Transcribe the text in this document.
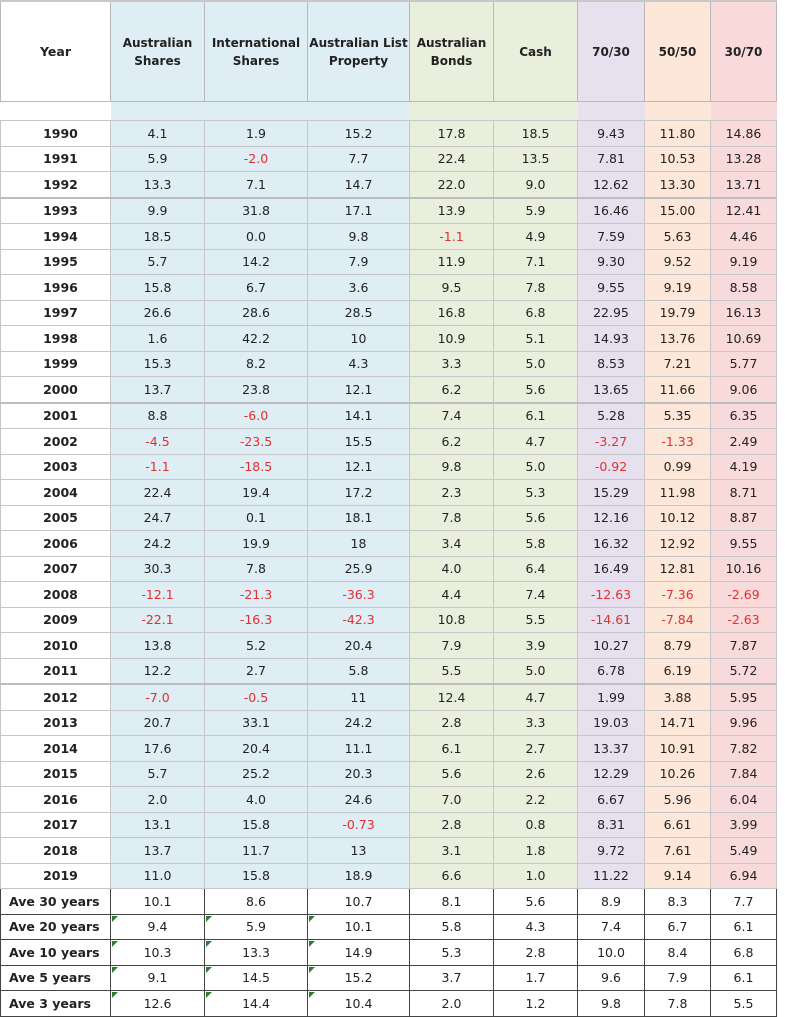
Year	Australian Shares	International Shares	Australian List Property	Australian Bonds	Cash	70/30	50/50	30/70

1990	4.1	1.9	15.2	17.8	18.5	9.43	11.80	14.86
1991	5.9	-2.0	7.7	22.4	13.5	7.81	10.53	13.28
1992	13.3	7.1	14.7	22.0	9.0	12.62	13.30	13.71
1993	9.9	31.8	17.1	13.9	5.9	16.46	15.00	12.41
1994	18.5	0.0	9.8	-1.1	4.9	7.59	5.63	4.46
1995	5.7	14.2	7.9	11.9	7.1	9.30	9.52	9.19
1996	15.8	6.7	3.6	9.5	7.8	9.55	9.19	8.58
1997	26.6	28.6	28.5	16.8	6.8	22.95	19.79	16.13
1998	1.6	42.2	10	10.9	5.1	14.93	13.76	10.69
1999	15.3	8.2	4.3	3.3	5.0	8.53	7.21	5.77
2000	13.7	23.8	12.1	6.2	5.6	13.65	11.66	9.06
2001	8.8	-6.0	14.1	7.4	6.1	5.28	5.35	6.35
2002	-4.5	-23.5	15.5	6.2	4.7	-3.27	-1.33	2.49
2003	-1.1	-18.5	12.1	9.8	5.0	-0.92	0.99	4.19
2004	22.4	19.4	17.2	2.3	5.3	15.29	11.98	8.71
2005	24.7	0.1	18.1	7.8	5.6	12.16	10.12	8.87
2006	24.2	19.9	18	3.4	5.8	16.32	12.92	9.55
2007	30.3	7.8	25.9	4.0	6.4	16.49	12.81	10.16
2008	-12.1	-21.3	-36.3	4.4	7.4	-12.63	-7.36	-2.69
2009	-22.1	-16.3	-42.3	10.8	5.5	-14.61	-7.84	-2.63
2010	13.8	5.2	20.4	7.9	3.9	10.27	8.79	7.87
2011	12.2	2.7	5.8	5.5	5.0	6.78	6.19	5.72
2012	-7.0	-0.5	11	12.4	4.7	1.99	3.88	5.95
2013	20.7	33.1	24.2	2.8	3.3	19.03	14.71	9.96
2014	17.6	20.4	11.1	6.1	2.7	13.37	10.91	7.82
2015	5.7	25.2	20.3	5.6	2.6	12.29	10.26	7.84
2016	2.0	4.0	24.6	7.0	2.2	6.67	5.96	6.04
2017	13.1	15.8	-0.73	2.8	0.8	8.31	6.61	3.99
2018	13.7	11.7	13	3.1	1.8	9.72	7.61	5.49
2019	11.0	15.8	18.9	6.6	1.0	11.22	9.14	6.94
Ave 30 years	10.1	8.6	10.7	8.1	5.6	8.9	8.3	7.7
Ave 20 years	9.4	5.9	10.1	5.8	4.3	7.4	6.7	6.1
Ave 10 years	10.3	13.3	14.9	5.3	2.8	10.0	8.4	6.8
Ave 5 years	9.1	14.5	15.2	3.7	1.7	9.6	7.9	6.1
Ave 3 years	12.6	14.4	10.4	2.0	1.2	9.8	7.8	5.5
